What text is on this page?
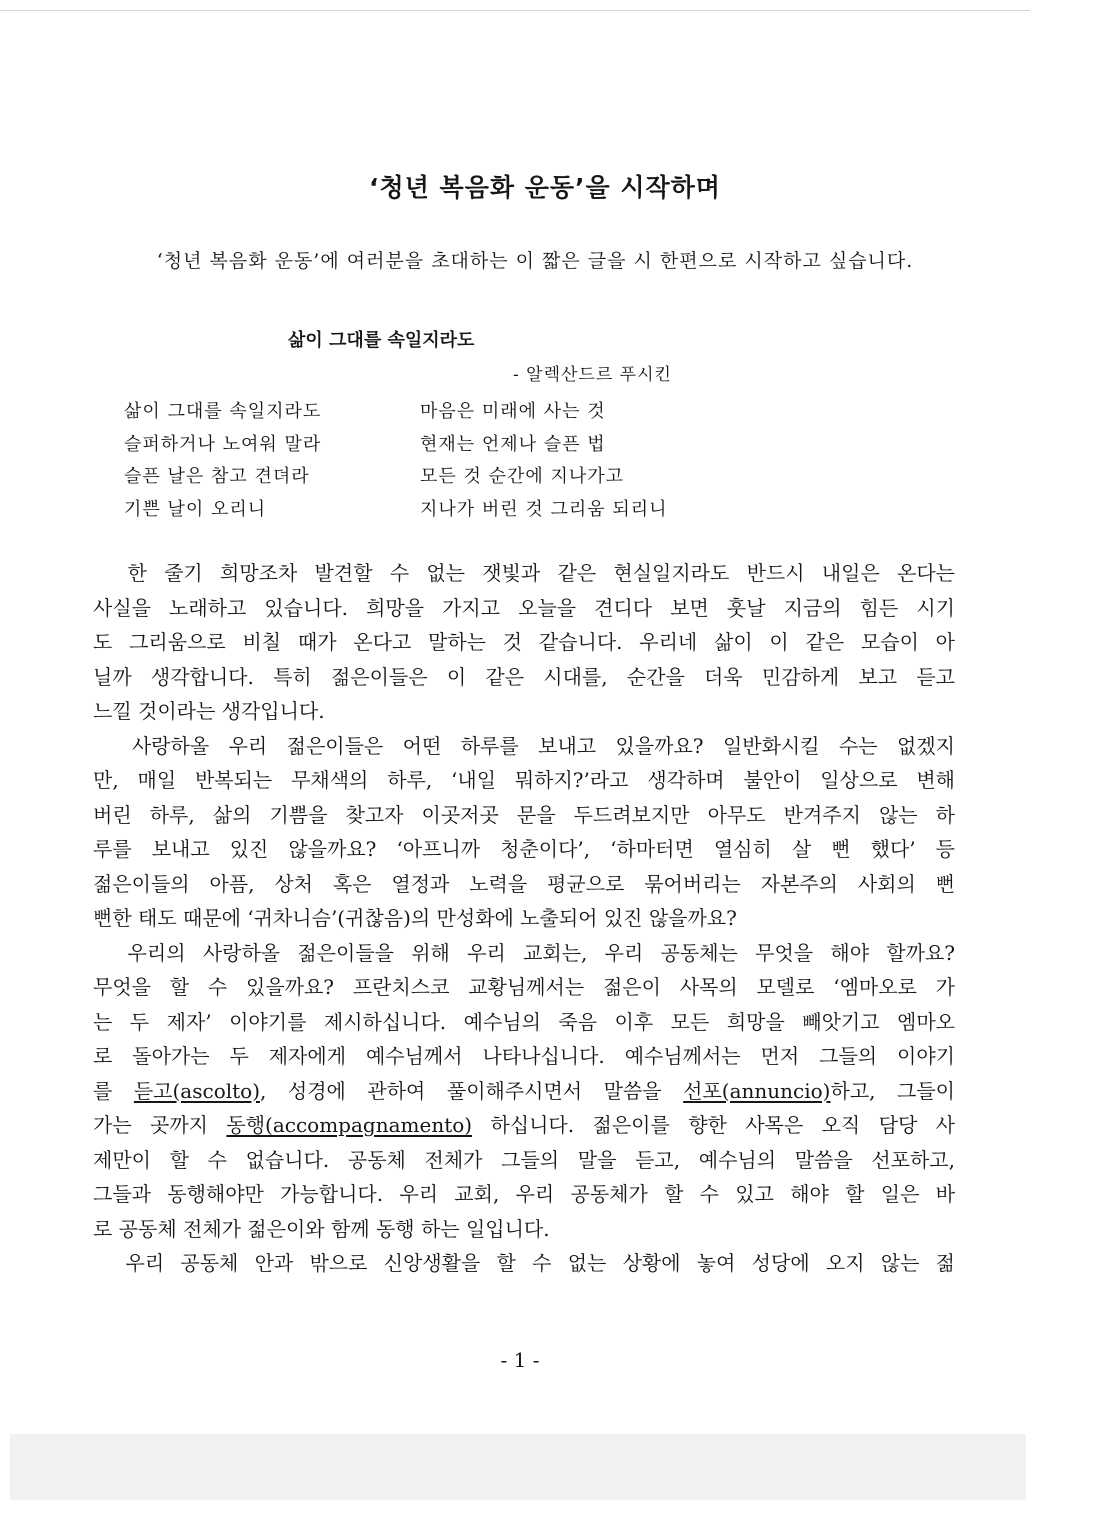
‘청년 복음화 운동’을 시작하며
‘청년 복음화 운동’에 여러분을 초대하는 이 짧은 글을 시 한편으로 시작하고 싶습니다.
삶이 그대를 속일지라도
- 알렉산드르 푸시킨
삶이 그대를 속일지라도
슬퍼하거나 노여워 말라
슬픈 날은 참고 견뎌라
기쁜 날이 오리니
마음은 미래에 사는 것
현재는 언제나 슬픈 법
모든 것 순간에 지나가고
지나가 버린 것 그리움 되리니
한 줄기 희망조차 발견할 수 없는 잿빛과 같은 현실일지라도 반드시 내일은 온다는
사실을 노래하고 있습니다. 희망을 가지고 오늘을 견디다 보면 훗날 지금의 힘든 시기
도 그리움으로 비칠 때가 온다고 말하는 것 같습니다. 우리네 삶이 이 같은 모습이 아
닐까 생각합니다. 특히 젊은이들은 이 같은 시대를, 순간을 더욱 민감하게 보고 듣고
느낄 것이라는 생각입니다.
사랑하올 우리 젊은이들은 어떤 하루를 보내고 있을까요? 일반화시킬 수는 없겠지
만, 매일 반복되는 무채색의 하루, ‘내일 뭐하지?’라고 생각하며 불안이 일상으로 변해
버린 하루, 삶의 기쁨을 찾고자 이곳저곳 문을 두드려보지만 아무도 반겨주지 않는 하
루를 보내고 있진 않을까요? ‘아프니까 청춘이다’, ‘하마터면 열심히 살 뻔 했다’ 등
젊은이들의 아픔, 상처 혹은 열정과 노력을 평균으로 묶어버리는 자본주의 사회의 뻔
뻔한 태도 때문에 ‘귀차니슴’(귀찮음)의 만성화에 노출되어 있진 않을까요?
우리의 사랑하올 젊은이들을 위해 우리 교회는, 우리 공동체는 무엇을 해야 할까요?
무엇을 할 수 있을까요? 프란치스코 교황님께서는 젊은이 사목의 모델로 ‘엠마오로 가
는 두 제자’ 이야기를 제시하십니다. 예수님의 죽음 이후 모든 희망을 빼앗기고 엠마오
로 돌아가는 두 제자에게 예수님께서 나타나십니다. 예수님께서는 먼저 그들의 이야기
를 듣고(ascolto), 성경에 관하여 풀이해주시면서 말씀을 선포(annuncio)하고, 그들이
가는 곳까지 동행(accompagnamento) 하십니다. 젊은이를 향한 사목은 오직 담당 사
제만이 할 수 없습니다. 공동체 전체가 그들의 말을 듣고, 예수님의 말씀을 선포하고,
그들과 동행해야만 가능합니다. 우리 교회, 우리 공동체가 할 수 있고 해야 할 일은 바
로 공동체 전체가 젊은이와 함께 동행 하는 일입니다.
우리 공동체 안과 밖으로 신앙생활을 할 수 없는 상황에 놓여 성당에 오지 않는 젊
- 1 -
